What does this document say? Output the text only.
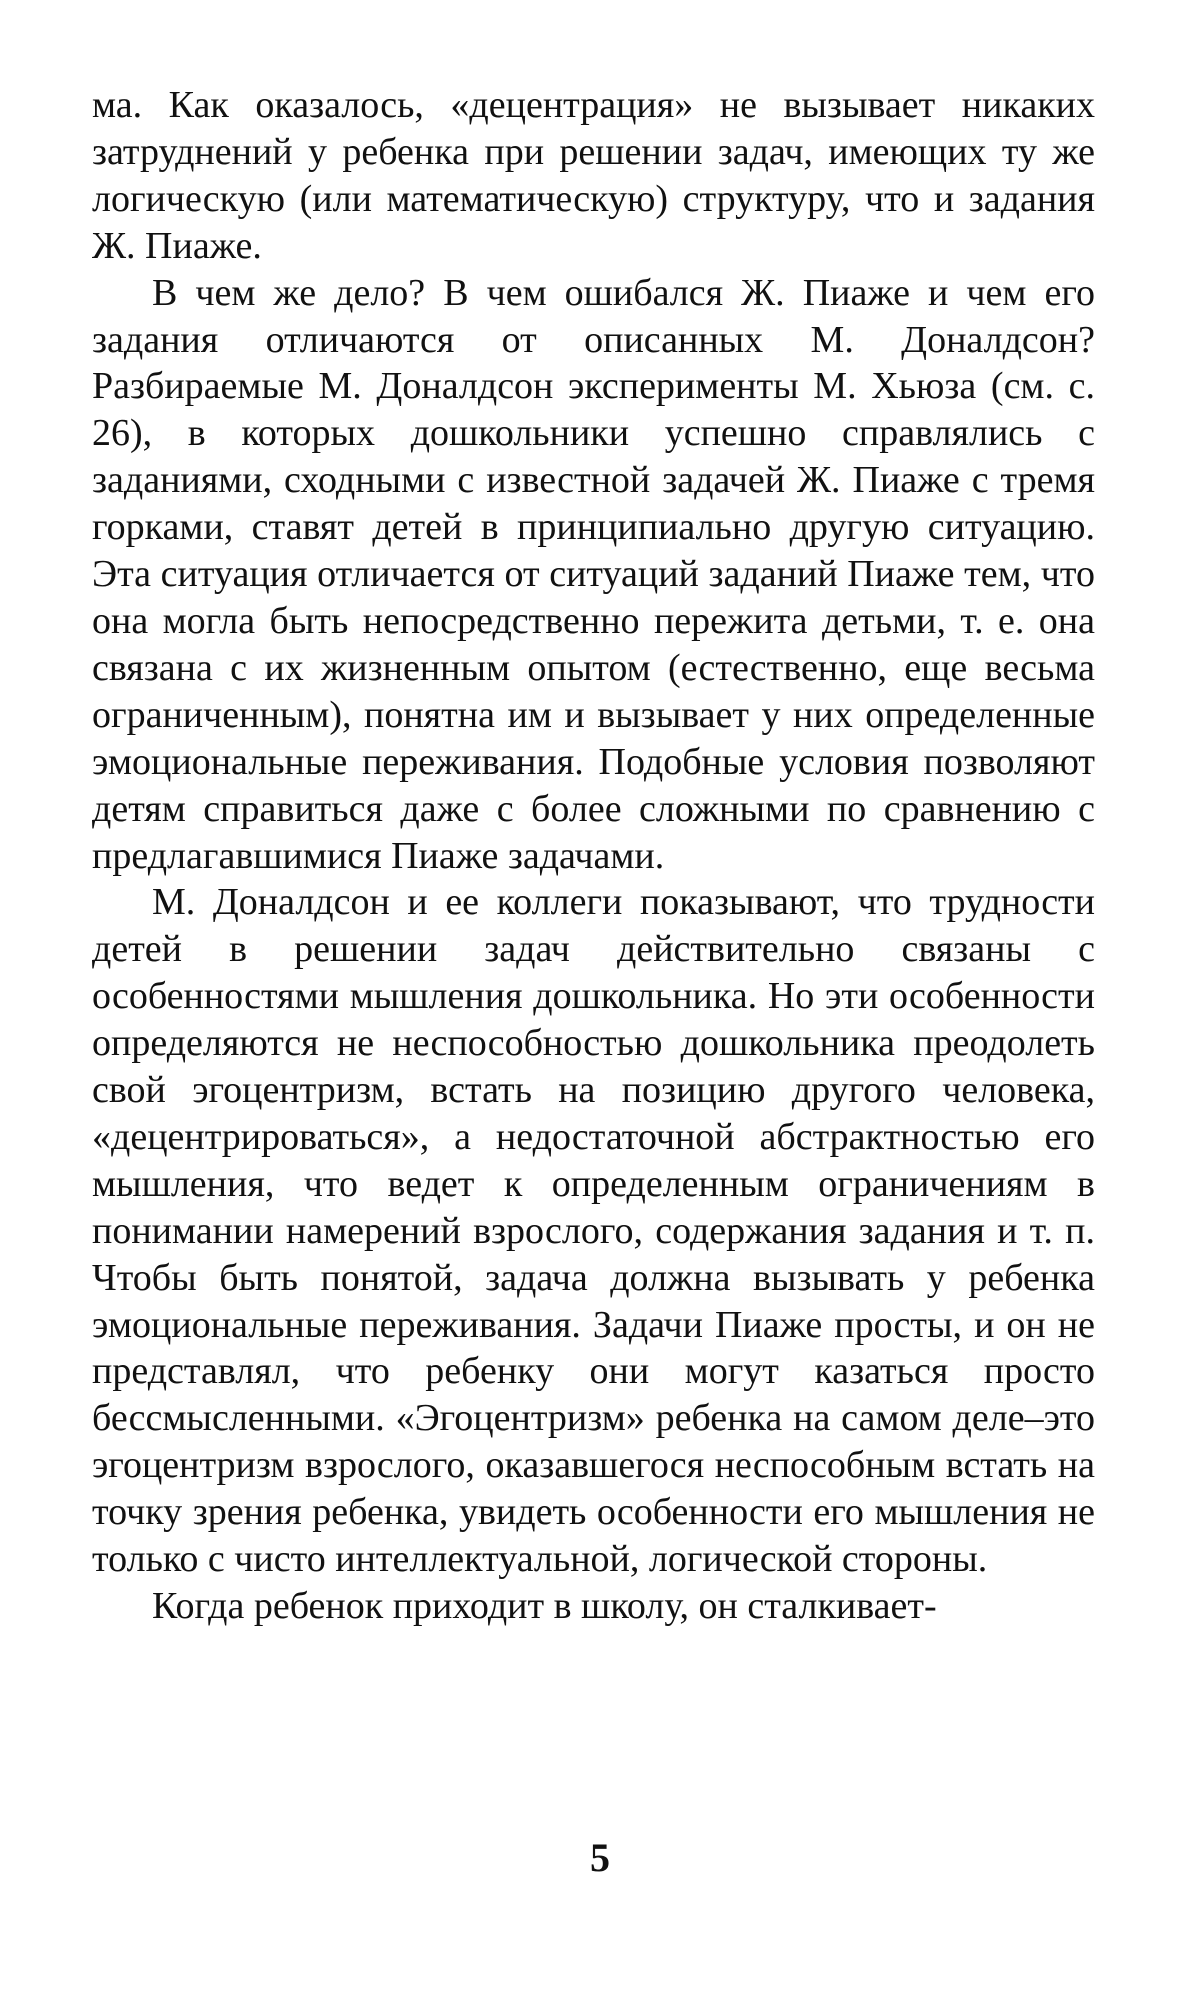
ма. Как оказалось, «децентрация» не вызывает никаких затруднений у ребенка при решении задач, имеющих ту же логическую (или математическую) структуру, что и задания Ж. Пиаже.

В чем же дело? В чем ошибался Ж. Пиаже и чем его задания отличаются от описанных М. Доналдсон? Разбираемые М. Доналдсон эксперименты М. Хьюза (см. с. 26), в которых дошкольники успешно справлялись с заданиями, сходными с известной задачей Ж. Пиаже с тремя горками, ставят детей в принципиально другую ситуацию. Эта ситуация отличается от ситуаций заданий Пиаже тем, что она могла быть непосредственно пережита детьми, т. е. она связана с их жизненным опытом (естественно, еще весьма ограниченным), понятна им и вызывает у них определенные эмоциональные переживания. Подобные условия позволяют детям справиться даже с более сложными по сравнению с предлагавшимися Пиаже задачами.

М. Доналдсон и ее коллеги показывают, что трудности детей в решении задач действительно связаны с особенностями мышления дошкольника. Но эти особенности определяются не неспособностью дошкольника преодолеть свой эгоцентризм, встать на позицию другого человека, «децентрироваться», а недостаточной абстрактностью его мышления, что ведет к определенным ограничениям в понимании намерений взрослого, содержания задания и т. п. Чтобы быть понятой, задача должна вызывать у ребенка эмоциональные переживания. Задачи Пиаже просты, и он не представлял, что ребенку они могут казаться просто бессмысленными. «Эгоцентризм» ребенка на самом деле–это эгоцентризм взрослого, оказавшегося неспособным встать на точку зрения ребенка, увидеть особенности его мышления не только с чисто интеллектуальной, логической стороны.

Когда ребенок приходит в школу, он сталкивает-

5
